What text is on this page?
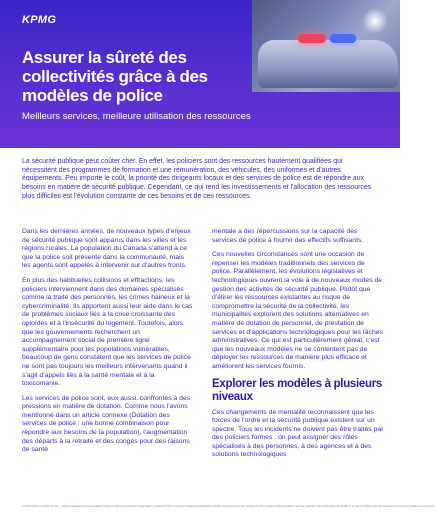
KPMG
Assurer la sûreté des collectivités grâce à des modèles de police

Meilleurs services, meilleure utilisation des ressources

La sécurité publique peut coûter cher. En effet, les policiers sont des ressources hautement qualifiées qui nécessitent des programmes de formation et une rémunération, des véhicules, des uniformes et d'autres équipements. Peu importe le coût, la priorité des dirigeants locaux et des services de police est de répondre aux besoins en matière de sécurité publique. Cependant, ce qui rend les investissements et l'allocation des ressources plus difficiles est l'évolution constante de ces besoins et de ces ressources.

Dans les dernières années, de nouveaux types d'enjeux de sécurité publique sont apparus dans les villes et les régions rurales. La population du Canada s'attend à ce que la police soit présente dans la communauté, mais les agents sont appelés à intervenir sur d'autres fronts.

En plus des habituelles collisions et effractions, les policiers interviennent dans des domaines spécialisés comme la traite des personnes, les crimes haineux et la cybercriminalité. Ils apportent aussi leur aide dans le cas de problèmes sociaux liés à la crise croissante des opioïdes et à l'insécurité du logement. Toutefois, alors que les gouvernements recherchent un accompagnement social de première ligne supplémentaire pour les populations vulnérables, beaucoup de gens constatent que les services de police ne sont pas toujours les meilleurs intervenants quand il s'agit d'appels liés à la santé mentale et à la toxicomanie.

Les services de police sont, eux aussi, confrontés à des pressions en matière de dotation. Comme nous l'avons mentionné dans un article connexe (Dotation des services de police : une bonne combinaison pour répondre aux besoins de la population), l'augmentation des départs à la retraite et des congés pour des raisons de santé

mentale a des répercussions sur la capacité des services de police à fournir des effectifs suffisants.

Ces nouvelles circonstances sont une occasion de repenser les modèles traditionnels des services de police. Parallèlement, les évolutions législatives et technologiques ouvrent la voie à de nouveaux modes de gestion des activités de sécurité publique. Plutôt que d'étirer les ressources existantes au risque de compromettre la sécurité de la collectivité, les municipalités explorent des solutions alternatives en matière de dotation de personnel, de prestation de services et d'applications technologiques pour les tâches administratives. Ce qui est particulièrement génial, c'est que les nouveaux modèles ne se contentent pas de déployer les ressources de manière plus efficace et améliorent les services fournis.

Explorer les modèles à plusieurs niveaux

Ces changements de mentalité reconnaissent que les forces de l'ordre et la sécurité publique existent sur un spectre. Tous les incidents ne doivent pas être traités par des policiers formés : on peut assigner des rôles spécialisés à des personnes, à des agences et à des solutions technologiques

© 2024 KPMG s.r.l./S.E.N.C.R.L., société canadienne à responsabilité limitée et cabinet membre de l'organisation mondiale KPMG de cabinets indépendants affiliés à KPMG International Limited, société de droit anglais à responsabilité limitée par garantie. Tous droits réservés. KPMG et le logo de KPMG sont des marques de commerce utilisées sous licence.
